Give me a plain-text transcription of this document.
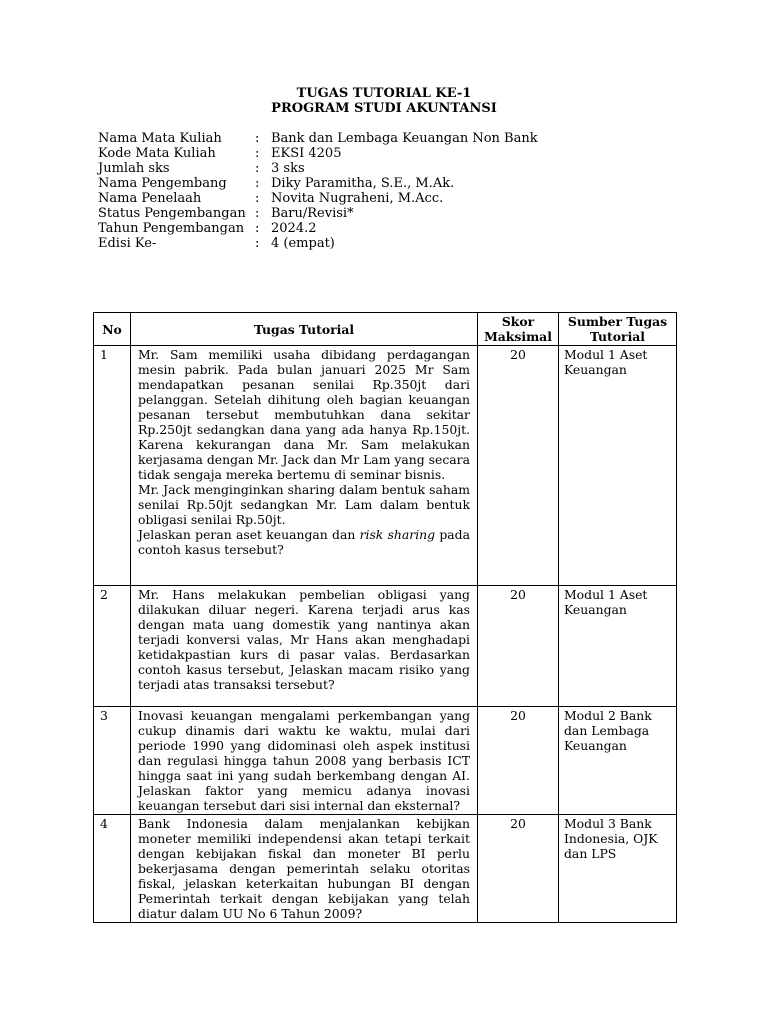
TUGAS TUTORIAL KE-1
PROGRAM STUDI AKUNTANSI
Nama Mata Kuliah	:	Bank dan Lembaga Keuangan Non Bank
Kode Mata Kuliah	:	EKSI 4205
Jumlah sks	:	3 sks
Nama Pengembang	:	Diky Paramitha, S.E., M.Ak.
Nama Penelaah	:	Novita Nugraheni, M.Acc.
Status Pengembangan	:	Baru/Revisi*
Tahun Pengembangan	:	2024.2
Edisi Ke-	:	4 (empat)
No	Tugas Tutorial	Skor Maksimal	Sumber Tugas Tutorial
1	Mr. Sam memiliki usaha dibidang perdagangan mesin pabrik. Pada bulan januari 2025 Mr Sam mendapatkan pesanan senilai Rp.350jt dari pelanggan. Setelah dihitung oleh bagian keuangan pesanan tersebut membutuhkan dana sekitar Rp.250jt sedangkan dana yang ada hanya Rp.150jt. Karena kekurangan dana Mr. Sam melakukan kerjasama dengan Mr. Jack dan Mr Lam yang secara tidak sengaja mereka bertemu di seminar bisnis.
Mr. Jack menginginkan sharing dalam bentuk saham senilai Rp.50jt sedangkan Mr. Lam dalam bentuk obligasi senilai Rp.50jt.
Jelaskan peran aset keuangan dan risk sharing pada contoh kasus tersebut?	20	Modul 1 Aset Keuangan
2	Mr. Hans melakukan pembelian obligasi yang dilakukan diluar negeri. Karena terjadi arus kas dengan mata uang domestik yang nantinya akan terjadi konversi valas, Mr Hans akan menghadapi ketidakpastian kurs di pasar valas. Berdasarkan contoh kasus tersebut, Jelaskan macam risiko yang terjadi atas transaksi tersebut?	20	Modul 1 Aset Keuangan
3	Inovasi keuangan mengalami perkembangan yang cukup dinamis dari waktu ke waktu, mulai dari periode 1990 yang didominasi oleh aspek institusi dan regulasi hingga tahun 2008 yang berbasis ICT hingga saat ini yang sudah berkembang dengan AI. Jelaskan faktor yang memicu adanya inovasi keuangan tersebut dari sisi internal dan eksternal?	20	Modul 2 Bank dan Lembaga Keuangan
4	Bank Indonesia dalam menjalankan kebijkan moneter memiliki independensi akan tetapi terkait dengan kebijakan fiskal dan moneter BI perlu bekerjasama dengan pemerintah selaku otoritas fiskal, jelaskan keterkaitan hubungan BI dengan Pemerintah terkait dengan kebijakan yang telah diatur dalam UU No 6 Tahun 2009?	20	Modul 3 Bank Indonesia, OJK dan LPS
